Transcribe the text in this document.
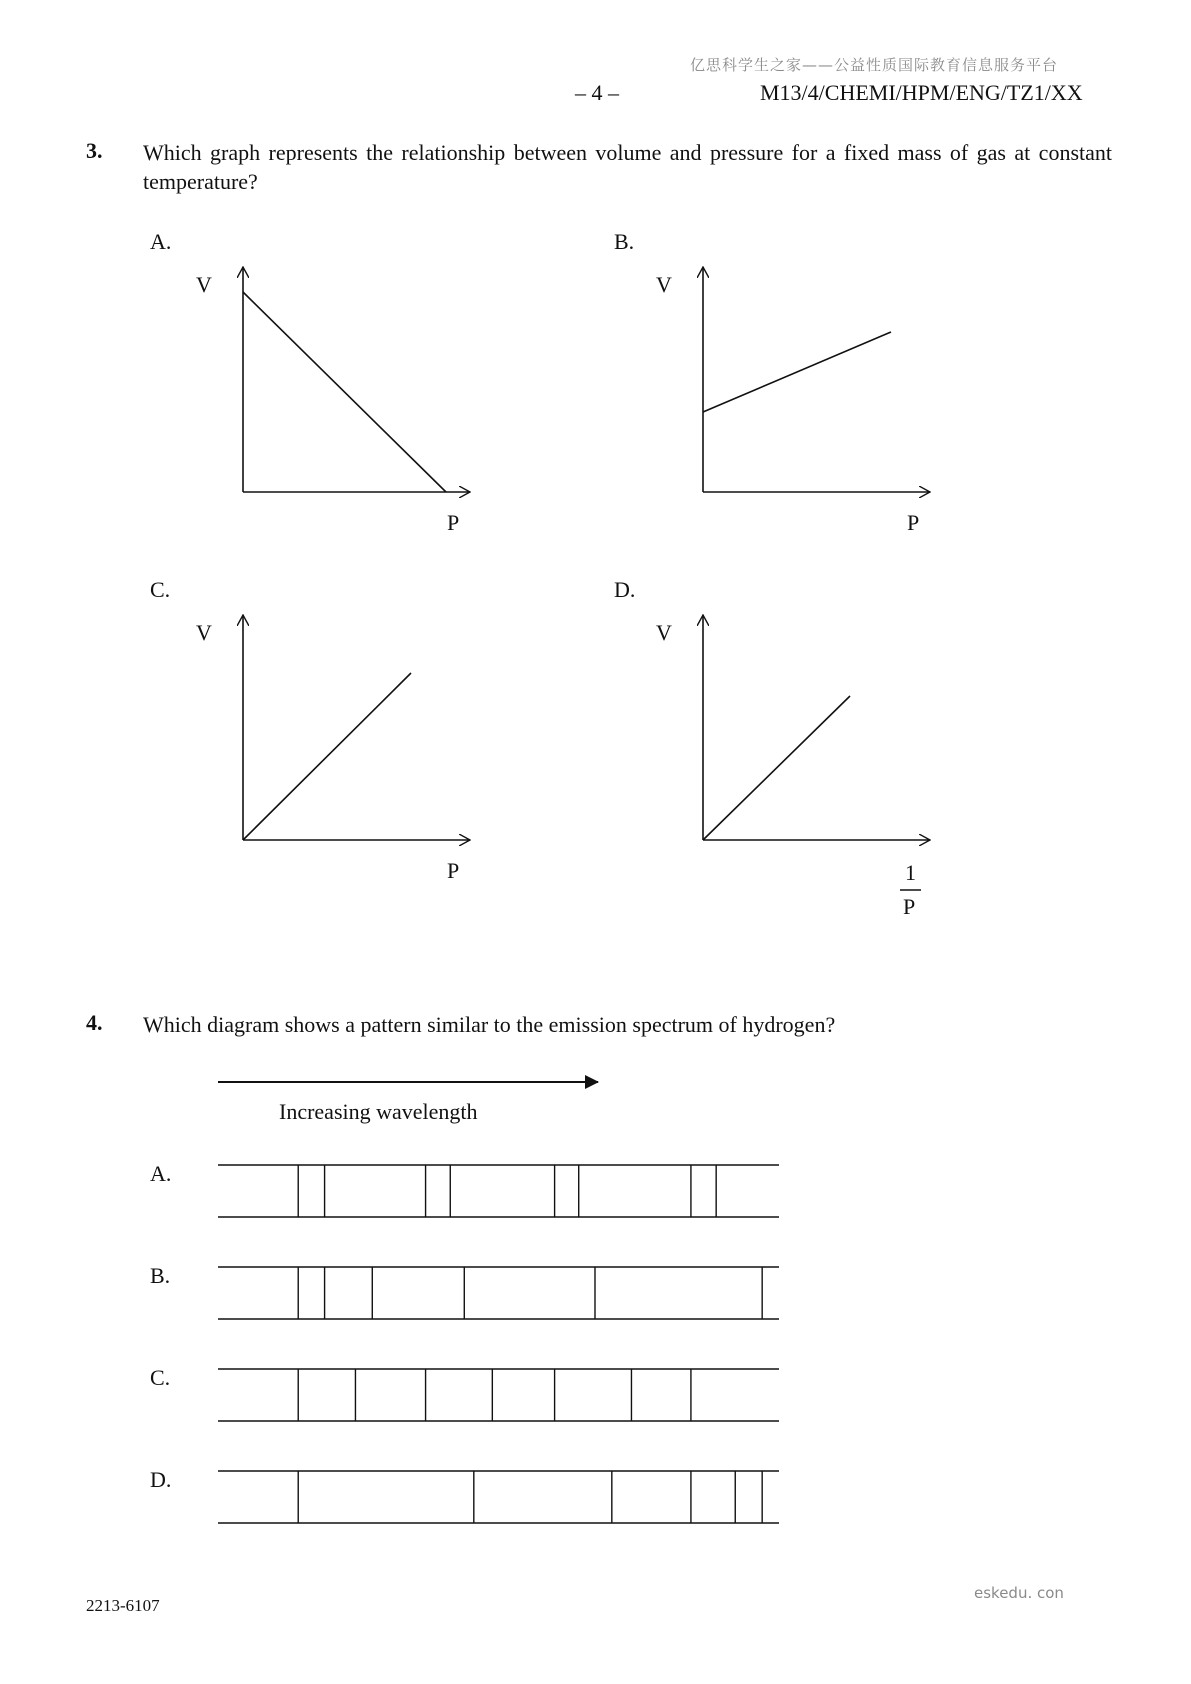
亿思科学生之家——公益性质国际教育信息服务平台
– 4 –	M13/4/CHEMI/HPM/ENG/TZ1/XX
3. Which graph represents the relationship between volume and pressure for a fixed mass of gas at constant temperature?
A.
V
P
B.
V
P
C.
V
P
D.
V
1
P
4. Which diagram shows a pattern similar to the emission spectrum of hydrogen?
Increasing wavelength
A.
B.
C.
D.
2213-6107
eskedu. con
